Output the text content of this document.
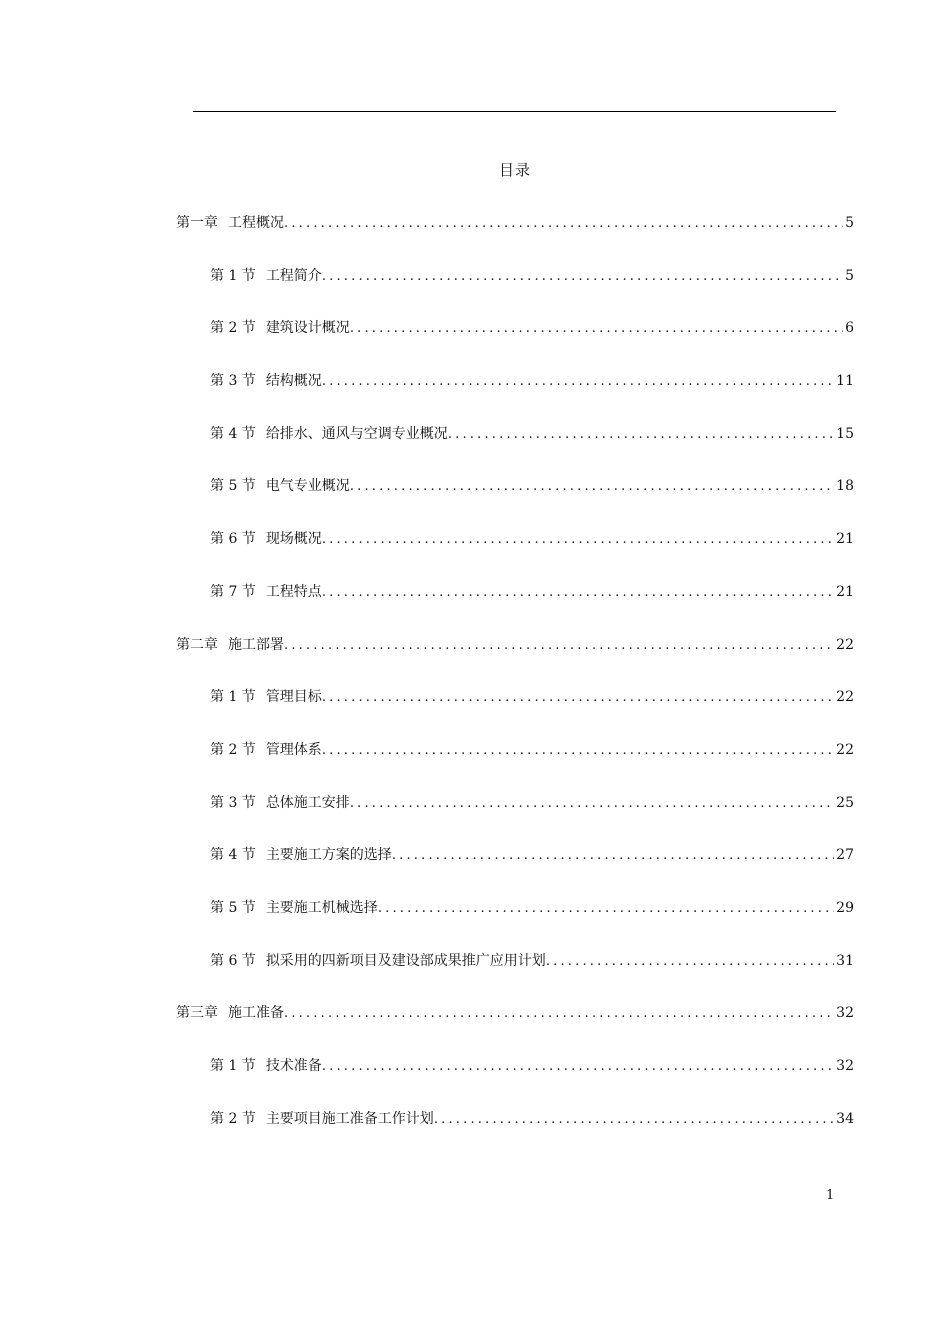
目录
第一章 工程概况 .....	5
第 1 节 工程简介 .....	5
第 2 节 建筑设计概况 .....	6
第 3 节 结构概况 .....	11
第 4 节 给排水、通风与空调专业概况 .....	15
第 5 节 电气专业概况 .....	18
第 6 节 现场概况 .....	21
第 7 节 工程特点 .....	21
第二章 施工部署 .....	22
第 1 节 管理目标 .....	22
第 2 节 管理体系 .....	22
第 3 节 总体施工安排 .....	25
第 4 节 主要施工方案的选择 .....	27
第 5 节 主要施工机械选择 .....	29
第 6 节 拟采用的四新项目及建设部成果推广应用计划 .....	31
第三章 施工准备 .....	32
第 1 节 技术准备 .....	32
第 2 节 主要项目施工准备工作计划 .....	34
1
